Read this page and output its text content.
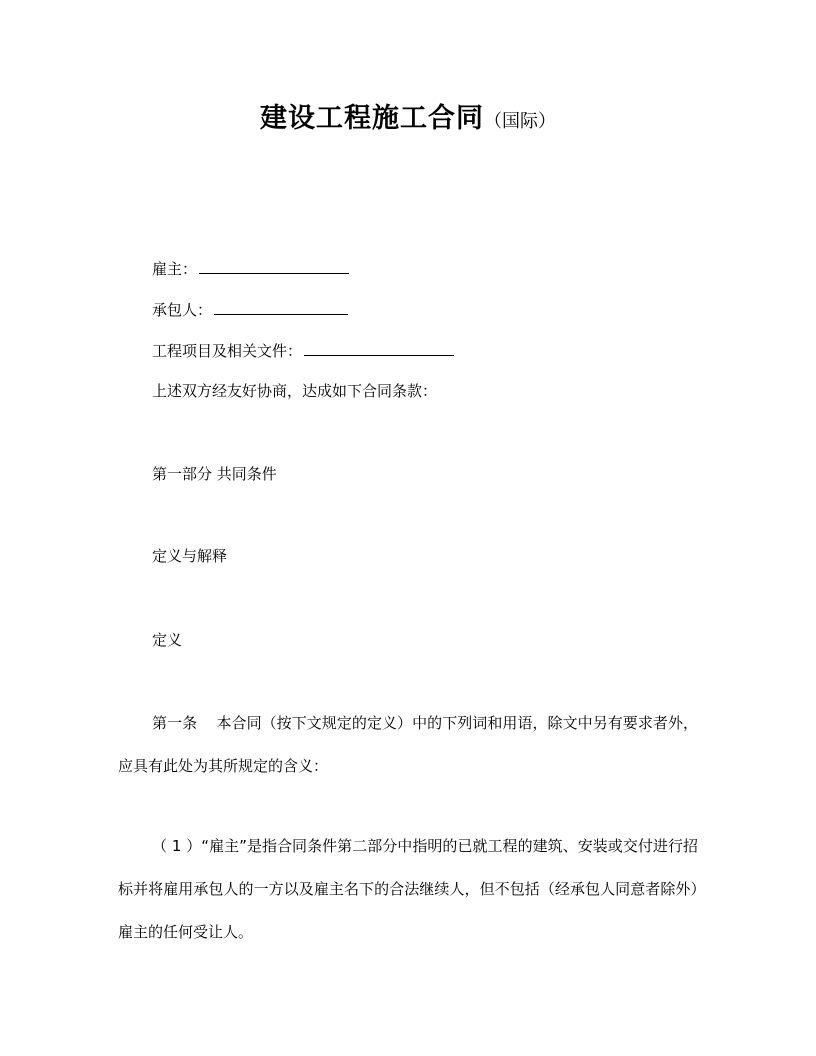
建设工程施工合同（国际）
雇主：
承包人：
工程项目及相关文件：
上述双方经友好协商，达成如下合同条款：
第一部分 共同条件
定义与解释
定义
第一条    本合同（按下文规定的定义）中的下列词和用语，除文中另有要求者外，应具有此处为其所规定的含义：
（ 1 ）“雇主”是指合同条件第二部分中指明的已就工程的建筑、安装或交付进行招标并将雇用承包人的一方以及雇主名下的合法继续人，但不包括（经承包人同意者除外）雇主的任何受让人。
